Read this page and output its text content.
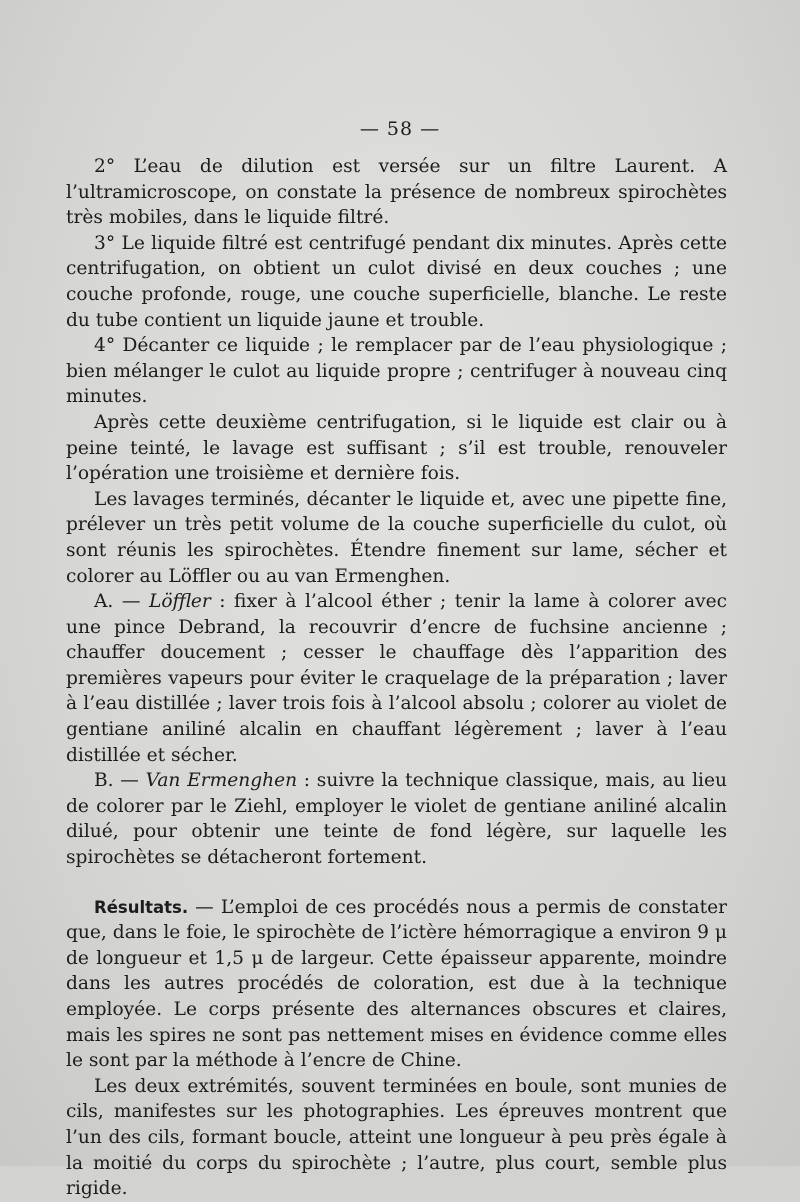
— 58 —

2° L’eau de dilution est versée sur un filtre Laurent. A l’ultramicroscope, on constate la présence de nombreux spirochètes très mobiles, dans le liquide filtré.

3° Le liquide filtré est centrifugé pendant dix minutes. Après cette centrifugation, on obtient un culot divisé en deux couches ; une couche profonde, rouge, une couche superficielle, blanche. Le reste du tube contient un liquide jaune et trouble.

4° Décanter ce liquide ; le remplacer par de l’eau physiologique ; bien mélanger le culot au liquide propre ; centrifuger à nouveau cinq minutes.

Après cette deuxième centrifugation, si le liquide est clair ou à peine teinté, le lavage est suffisant ; s’il est trouble, renouveler l’opération une troisième et dernière fois.

Les lavages terminés, décanter le liquide et, avec une pipette fine, prélever un très petit volume de la couche superficielle du culot, où sont réunis les spirochètes. Étendre finement sur lame, sécher et colorer au Löffler ou au van Ermenghen.

A. — Löffler : fixer à l’alcool éther ; tenir la lame à colorer avec une pince Debrand, la recouvrir d’encre de fuchsine ancienne ; chauffer doucement ; cesser le chauffage dès l’apparition des premières vapeurs pour éviter le craquelage de la préparation ; laver à l’eau distillée ; laver trois fois à l’alcool absolu ; colorer au violet de gentiane aniliné alcalin en chauffant légèrement ; laver à l’eau distillée et sécher.

B. — Van Ermenghen : suivre la technique classique, mais, au lieu de colorer par le Ziehl, employer le violet de gentiane aniliné alcalin dilué, pour obtenir une teinte de fond légère, sur laquelle les spirochètes se détacheront fortement.

Résultats. — L’emploi de ces procédés nous a permis de constater que, dans le foie, le spirochète de l’ictère hémorragique a environ 9 μ de longueur et 1,5 μ de largeur. Cette épaisseur apparente, moindre dans les autres procédés de coloration, est due à la technique employée. Le corps présente des alternances obscures et claires, mais les spires ne sont pas nettement mises en évidence comme elles le sont par la méthode à l’encre de Chine.

Les deux extrémités, souvent terminées en boule, sont munies de cils, manifestes sur les photographies. Les épreuves montrent que l’un des cils, formant boucle, atteint une longueur à peu près égale à la moitié du corps du spirochète ; l’autre, plus court, semble plus rigide.
